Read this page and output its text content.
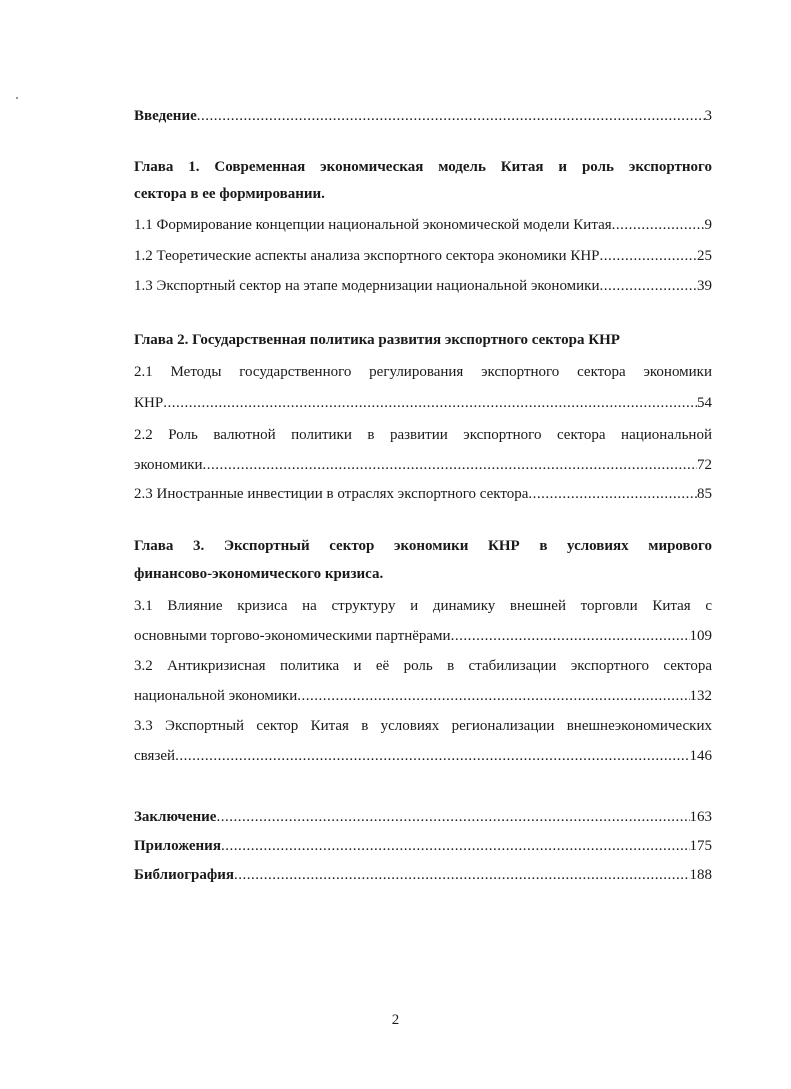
Введение .....	3
Глава 1. Современная экономическая модель Китая и роль экспортного
сектора в ее формировании.
1.1 Формирование концепции национальной экономической модели Китая .....	9
1.2 Теоретические аспекты анализа экспортного сектора экономики КНР .....	25
1.3 Экспортный сектор на этапе модернизации национальной экономики .....	39
Глава 2. Государственная политика развития экспортного сектора КНР
2.1 Методы государственного регулирования экспортного сектора экономики
КНР .....	54
2.2 Роль валютной политики в развитии экспортного сектора национальной
экономики .....	72
2.3 Иностранные инвестиции в отраслях экспортного сектора .....	85
Глава 3. Экспортный сектор экономики КНР в условиях мирового
финансово-экономического кризиса.
3.1 Влияние кризиса на структуру и динамику внешней торговли Китая с
основными торгово-экономическими партнёрами .....	109
3.2 Антикризисная политика и её роль в стабилизации экспортного сектора
национальной экономики .....	132
3.3 Экспортный сектор Китая в условиях регионализации внешнеэкономических
связей .....	146
Заключение .....	163
Приложения .....	175
Библиография .....	188
2
